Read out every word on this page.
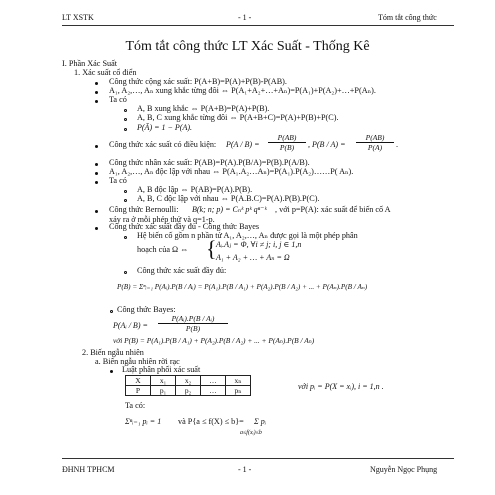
LT XSTK	- 1 -	Tóm tắt công thức
Tóm tắt công thức LT Xác Suất - Thống Kê
I. Phần Xác Suất
1. Xác suất cổ điển
Công thức cộng xác suất: P(A+B)=P(A)+P(B)-P(AB).
A₁, A₂,…, Aₙ xung khắc từng đôi ⇔ P(A₁+A₂+…+Aₙ)=P(A₁)+P(A₂)+…+P(Aₙ).
Ta có
A, B xung khắc ⇔ P(A+B)=P(A)+P(B).
A, B, C xung khắc từng đôi ⇔ P(A+B+C)=P(A)+P(B)+P(C).
P(Ā) = 1 − P(A).
Công thức xác suất có điều kiện: $P(A / B) = \frac{P(AB)}{P(B)}$ , $P(B / A) = \frac{P(AB)}{P(A)}$ .
Công thức nhân xác suất: P(AB)=P(A).P(B/A)=P(B).P(A/B).
A₁, A₂,…, Aₙ độc lập với nhau ⇔ P(A₁.A₂…Aₙ)=P(A₁).P(A₂)……P( Aₙ).
Ta có
A, B độc lập ⇔ P(AB)=P(A).P(B).
A, B, C độc lập với nhau ⇔ P(A.B.C)=P(A).P(B).P(C).
Công thức Bernoulli: B(k; n; p) = Cₙᵏ pᵏ qⁿ⁻ᵏ , với p=P(A): xác suất để biến cố A
xảy ra ở mỗi phép thử và q=1-p.
Công thức xác suất đầy đủ - Công thức Bayes
Hệ biến cố gồm n phần tử A₁, A₂,…, Aₙ được gọi là một phép phân
hoạch của Ω ⇔ { Aᵢ.Aⱼ = Φ, ∀i ≠ j; i, j ∈ 1,n
A₁ + A₂ + … + Aₙ = Ω
Công thức xác suất đầy đủ:
P(B) = Σⁿᵢ₌₁ P(Aᵢ).P(B / Aᵢ) = P(A₁).P(B / A₁) + P(A₂).P(B / A₂) + ... + P(Aₙ).P(B / Aₙ)
Công thức Bayes:
P(Aᵢ / $B) = \frac{\text{P(Aᵢ).P(B / Aᵢ)}}{P(B)}$
với P(B) = P(A₁).P(B / A₁) + P(A₂).P(B / A₂) + ... + P(Aₙ).P(B / Aₙ)
2. Biến ngẫu nhiên
a. Biến ngẫu nhiên rời rạc
Luật phân phối xác suất
X	x₁	x₂	…	xₙ
P	p₁	p₂	…	pₙ	với pᵢ = P(X = xᵢ), i = 1,n .
Ta có:
Σⁿᵢ₌₁ pᵢ = 1 và P{a ≤ f(X) ≤ b}= Σ pᵢ
a≤f(xᵢ)≤b
ĐHNH TPHCM	- 1 -	Nguyễn Ngọc Phụng
